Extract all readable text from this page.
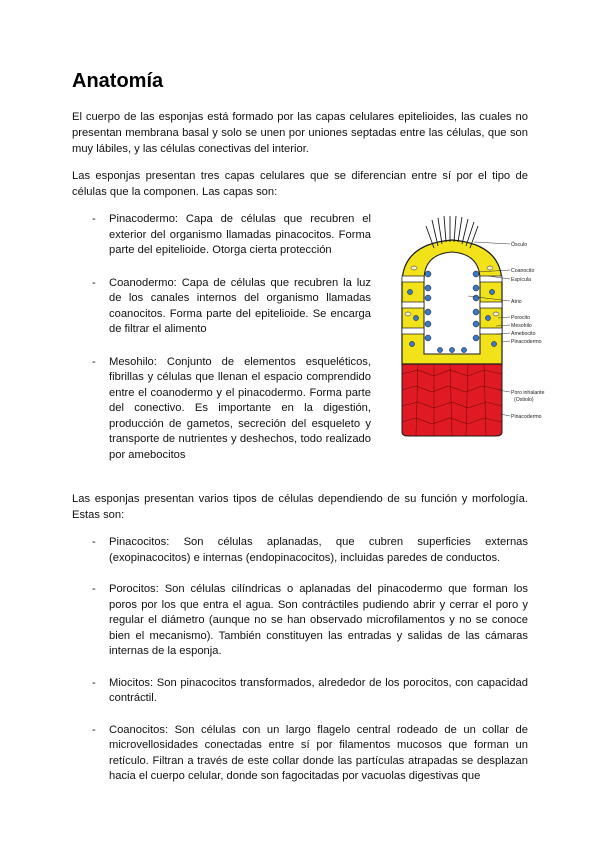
Anatomía

El cuerpo de las esponjas está formado por las capas celulares epitelioides, las cuales no presentan membrana basal y solo se unen por uniones septadas entre las células, que son muy lábiles, y las células conectivas del interior.

Las esponjas presentan tres capas celulares que se diferencian entre sí por el tipo de células que la componen. Las capas son:

- Pinacodermo: Capa de células que recubren el exterior del organismo llamadas pinacocitos. Forma parte del epitelioide. Otorga cierta protección
- Coanodermo: Capa de células que recubren la luz de los canales internos del organismo llamadas coanocitos. Forma parte del epitelioide. Se encarga de filtrar el alimento
- Mesohilo: Conjunto de elementos esqueléticos, fibrillas y células que llenan el espacio comprendido entre el coanodermo y el pinacodermo. Forma parte del conectivo. Es importante en la digestión, producción de gametos, secreción del esqueleto y transporte de nutrientes y deshechos, todo realizado por amebocitos
Ósculo
Coanocito
Espícula
Atrio
Porocito
Mesohilo
Amebocito
Pinacodermo
Poro inhalante
(Ostiolo)
Pinacodermo

Las esponjas presentan varios tipos de células dependiendo de su función y morfología. Estas son:

- Pinacocitos: Son células aplanadas, que cubren superficies externas (exopinacocitos) e internas (endopinacocitos), incluidas paredes de conductos.
- Porocitos: Son células cilíndricas o aplanadas del pinacodermo que forman los poros por los que entra el agua. Son contráctiles pudiendo abrir y cerrar el poro y regular el diámetro (aunque no se han observado microfilamentos y no se conoce bien el mecanismo). También constituyen las entradas y salidas de las cámaras internas de la esponja.
- Miocitos: Son pinacocitos transformados, alrededor de los porocitos, con capacidad contráctil.
- Coanocitos: Son células con un largo flagelo central rodeado de un collar de microvellosidades conectadas entre sí por filamentos mucosos que forman un retículo. Filtran a través de este collar donde las partículas atrapadas se desplazan hacia el cuerpo celular, donde son fagocitadas por vacuolas digestivas que
